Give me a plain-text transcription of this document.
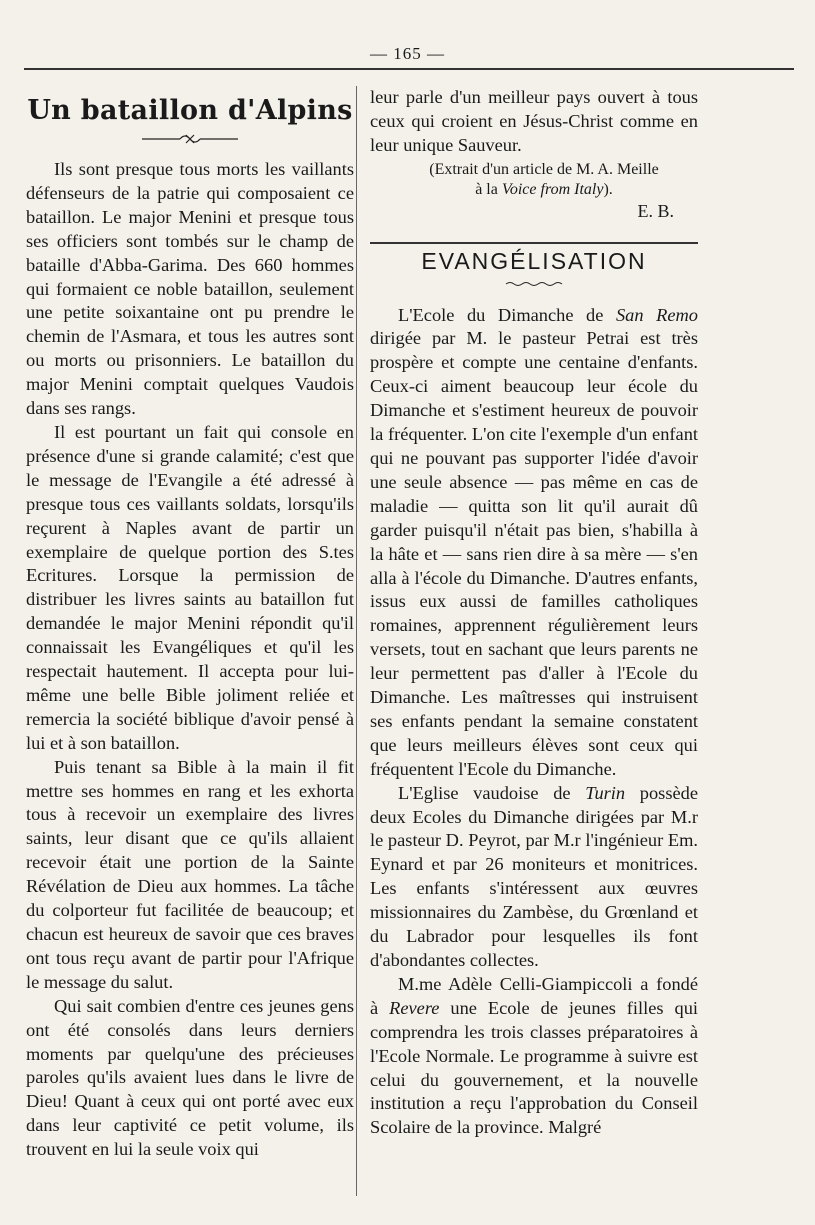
— 165 —
Un bataillon d'Alpins

Ils sont presque tous morts les vaillants défenseurs de la patrie qui composaient ce bataillon. Le major Menini et presque tous ses officiers sont tombés sur le champ de bataille d'Abba-Garima. Des 660 hommes qui formaient ce noble bataillon, seulement une petite soixantaine ont pu prendre le chemin de l'Asmara, et tous les autres sont ou morts ou prisonniers. Le bataillon du major Menini comptait quelques Vaudois dans ses rangs.

Il est pourtant un fait qui console en présence d'une si grande calamité; c'est que le message de l'Evangile a été adressé à presque tous ces vaillants soldats, lorsqu'ils reçurent à Naples avant de partir un exemplaire de quelque portion des S.tes Ecritures. Lorsque la permission de distribuer les livres saints au bataillon fut demandée le major Menini répondit qu'il connaissait les Evangéliques et qu'il les respectait hautement. Il accepta pour lui-même une belle Bible joliment reliée et remercia la société biblique d'avoir pensé à lui et à son bataillon.

Puis tenant sa Bible à la main il fit mettre ses hommes en rang et les exhorta tous à recevoir un exemplaire des livres saints, leur disant que ce qu'ils allaient recevoir était une portion de la Sainte Révélation de Dieu aux hommes. La tâche du colporteur fut facilitée de beaucoup; et chacun est heureux de savoir que ces braves ont tous reçu avant de partir pour l'Afrique le message du salut.

Qui sait combien d'entre ces jeunes gens ont été consolés dans leurs derniers moments par quelqu'une des précieuses paroles qu'ils avaient lues dans le livre de Dieu! Quant à ceux qui ont porté avec eux dans leur captivité ce petit volume, ils trouvent en lui la seule voix qui

leur parle d'un meilleur pays ouvert à tous ceux qui croient en Jésus-Christ comme en leur unique Sauveur.

(Extrait d'un article de M. A. Meille
à la Voice from Italy).
E. B.
EVANGÉLISATION

L'Ecole du Dimanche de San Remo dirigée par M. le pasteur Petrai est très prospère et compte une centaine d'enfants. Ceux-ci aiment beaucoup leur école du Dimanche et s'estiment heureux de pouvoir la fréquenter. L'on cite l'exemple d'un enfant qui ne pouvant pas supporter l'idée d'avoir une seule absence — pas même en cas de maladie — quitta son lit qu'il aurait dû garder puisqu'il n'était pas bien, s'habilla à la hâte et — sans rien dire à sa mère — s'en alla à l'école du Dimanche. D'autres enfants, issus eux aussi de familles catholiques romaines, apprennent régulièrement leurs versets, tout en sachant que leurs parents ne leur permettent pas d'aller à l'Ecole du Dimanche. Les maîtresses qui instruisent ses enfants pendant la semaine constatent que leurs meilleurs élèves sont ceux qui fréquentent l'Ecole du Dimanche.

L'Eglise vaudoise de Turin possède deux Ecoles du Dimanche dirigées par M.r le pasteur D. Peyrot, par M.r l'ingénieur Em. Eynard et par 26 moniteurs et monitrices. Les enfants s'intéressent aux œuvres missionnaires du Zambèse, du Grœnland et du Labrador pour lesquelles ils font d'abondantes collectes.

M.me Adèle Celli-Giampiccoli a fondé à Revere une Ecole de jeunes filles qui comprendra les trois classes préparatoires à l'Ecole Normale. Le programme à suivre est celui du gouvernement, et la nouvelle institution a reçu l'approbation du Conseil Scolaire de la province. Malgré
